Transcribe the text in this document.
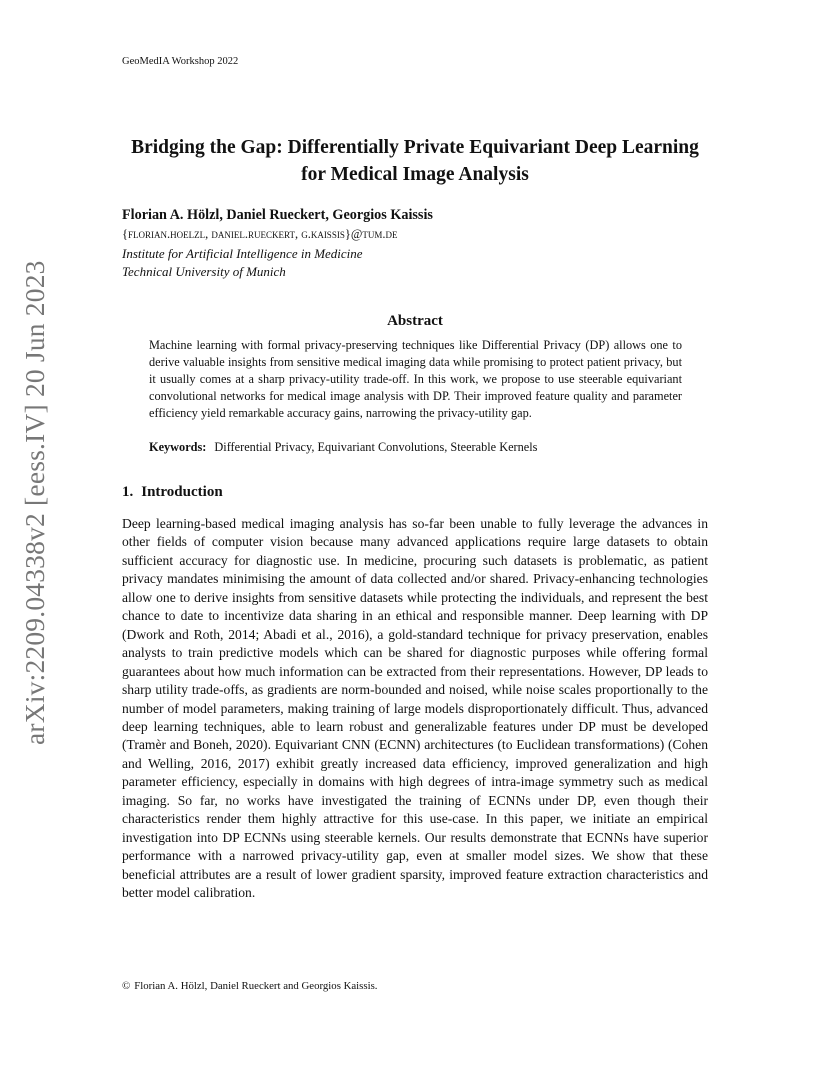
GeoMedIA Workshop 2022
arXiv:2209.04338v2 [eess.IV] 20 Jun 2023
Bridging the Gap: Differentially Private Equivariant Deep Learning for Medical Image Analysis
Florian A. Hölzl, Daniel Rueckert, Georgios Kaissis
{florian.hoelzl, daniel.rueckert, g.kaissis}@tum.de
Institute for Artificial Intelligence in Medicine
Technical University of Munich
Abstract
Machine learning with formal privacy-preserving techniques like Differential Privacy (DP) allows one to derive valuable insights from sensitive medical imaging data while promising to protect patient privacy, but it usually comes at a sharp privacy-utility trade-off. In this work, we propose to use steerable equivariant convolutional networks for medical image analysis with DP. Their improved feature quality and parameter efficiency yield remarkable accuracy gains, narrowing the privacy-utility gap.
Keywords: Differential Privacy, Equivariant Convolutions, Steerable Kernels
1. Introduction
Deep learning-based medical imaging analysis has so-far been unable to fully leverage the advances in other fields of computer vision because many advanced applications require large datasets to obtain sufficient accuracy for diagnostic use. In medicine, procuring such datasets is problematic, as patient privacy mandates minimising the amount of data collected and/or shared. Privacy-enhancing technologies allow one to derive insights from sensitive datasets while protecting the individuals, and represent the best chance to date to incentivize data sharing in an ethical and responsible manner. Deep learning with DP (Dwork and Roth, 2014; Abadi et al., 2016), a gold-standard technique for privacy preservation, enables analysts to train predictive models which can be shared for diagnostic purposes while offering formal guarantees about how much information can be extracted from their representations. However, DP leads to sharp utility trade-offs, as gradients are norm-bounded and noised, while noise scales proportionally to the number of model parameters, making training of large models disproportionately difficult. Thus, advanced deep learning techniques, able to learn robust and generalizable features under DP must be developed (Tramèr and Boneh, 2020). Equivariant CNN (ECNN) architectures (to Euclidean transformations) (Cohen and Welling, 2016, 2017) exhibit greatly increased data efficiency, improved generalization and high parameter efficiency, especially in domains with high degrees of intra-image symmetry such as medical imaging. So far, no works have investigated the training of ECNNs under DP, even though their characteristics render them highly attractive for this use-case. In this paper, we initiate an empirical investigation into DP ECNNs using steerable kernels. Our results demonstrate that ECNNs have superior performance with a narrowed privacy-utility gap, even at smaller model sizes. We show that these beneficial attributes are a result of lower gradient sparsity, improved feature extraction characteristics and better model calibration.
© Florian A. Hölzl, Daniel Rueckert and Georgios Kaissis.
